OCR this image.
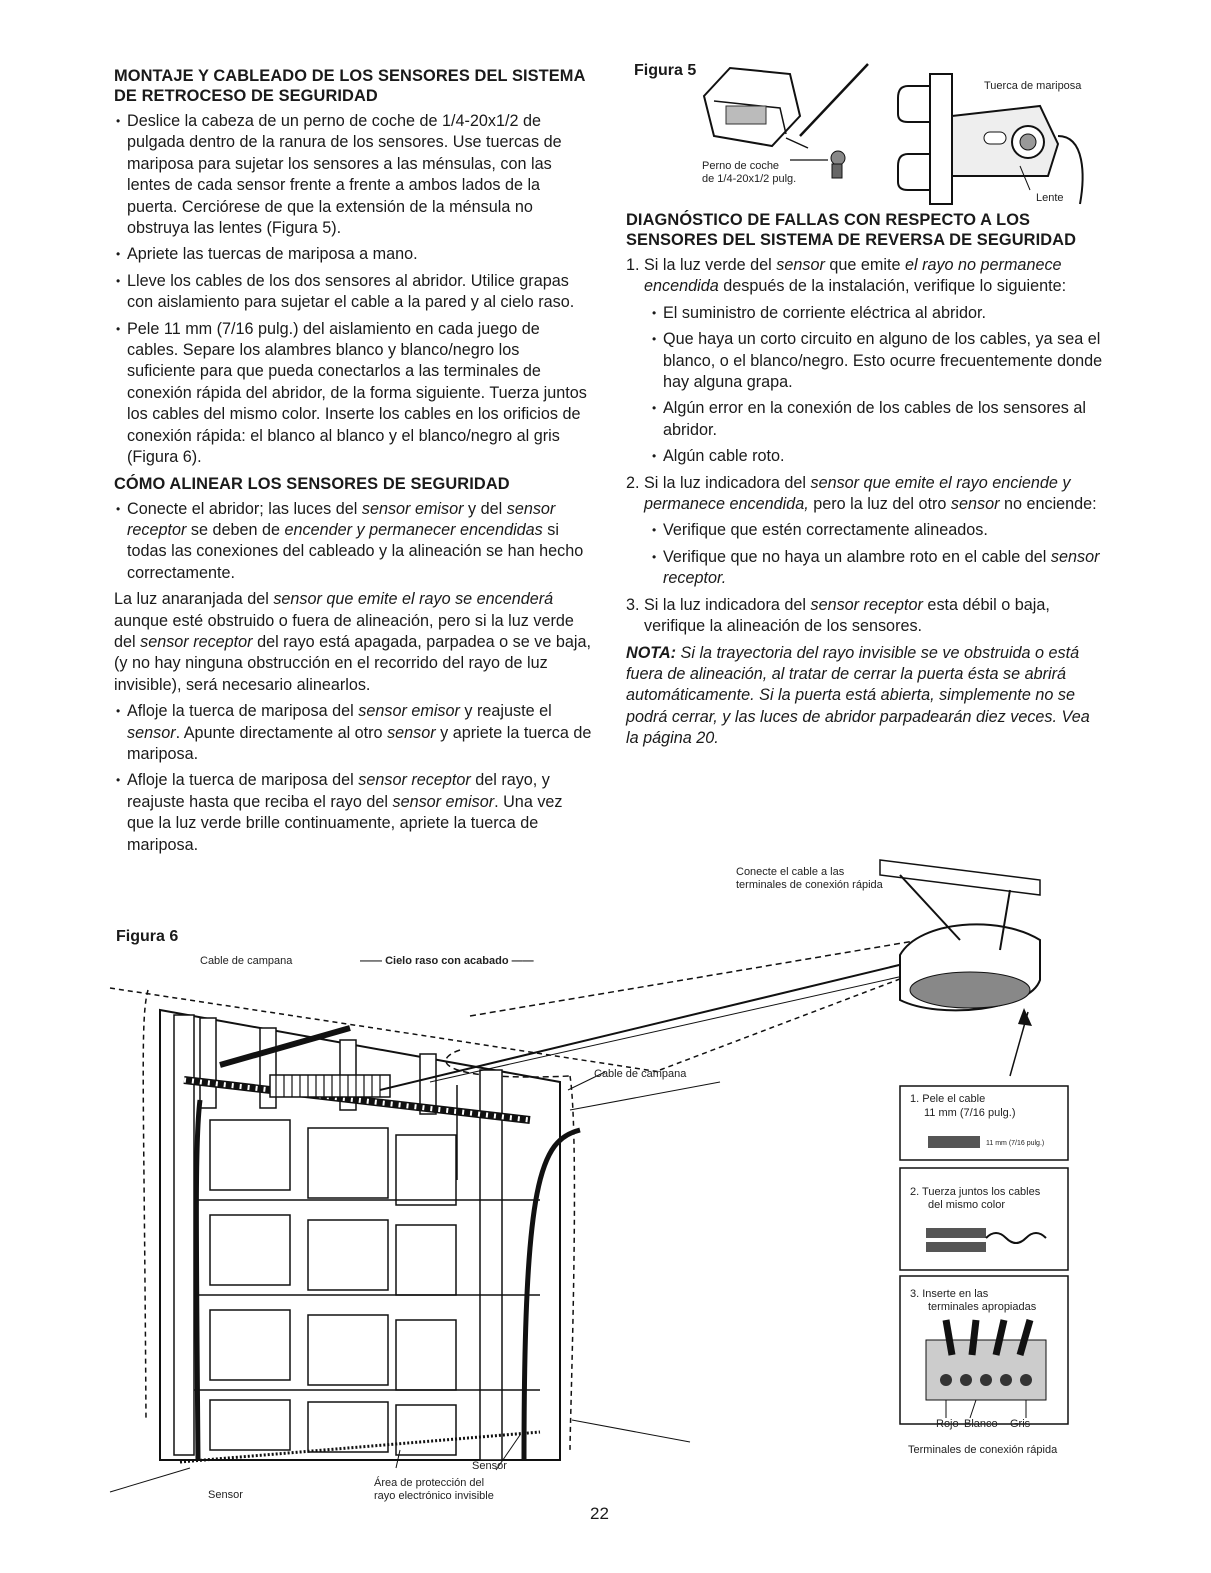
MONTAJE Y CABLEADO DE LOS SENSORES DEL SISTEMA DE RETROCESO DE SEGURIDAD
• Deslice la cabeza de un perno de coche de 1/4-20x1/2 de pulgada dentro de la ranura de los sensores. Use tuercas de mariposa para sujetar los sensores a las ménsulas, con las lentes de cada sensor frente a frente a ambos lados de la puerta. Cerciórese de que la extensión de la ménsula no obstruya las lentes (Figura 5).
• Apriete las tuercas de mariposa a mano.
• Lleve los cables de los dos sensores al abridor. Utilice grapas con aislamiento para sujetar el cable a la pared y al cielo raso.
• Pele 11 mm (7/16 pulg.) del aislamiento en cada juego de cables. Separe los alambres blanco y blanco/negro los suficiente para que pueda conectarlos a las terminales de conexión rápida del abridor, de la forma siguiente. Tuerza juntos los cables del mismo color. Inserte los cables en los orificios de conexión rápida: el blanco al blanco y el blanco/negro al gris (Figura 6).
CÓMO ALINEAR LOS SENSORES DE SEGURIDAD
• Conecte el abridor; las luces del sensor emisor y del sensor receptor se deben de encender y permanecer encendidas si todas las conexiones del cableado y la alineación se han hecho correctamente.

La luz anaranjada del sensor que emite el rayo se encenderá aunque esté obstruido o fuera de alineación, pero si la luz verde del sensor receptor del rayo está apagada, parpadea o se ve baja, (y no hay ninguna obstrucción en el recorrido del rayo de luz invisible), será necesario alinearlos.

• Afloje la tuerca de mariposa del sensor emisor y reajuste el sensor. Apunte directamente al otro sensor y apriete la tuerca de mariposa.
• Afloje la tuerca de mariposa del sensor receptor del rayo, y reajuste hasta que reciba el rayo del sensor emisor. Una vez que la luz verde brille continuamente, apriete la tuerca de mariposa.
DIAGNÓSTICO DE FALLAS CON RESPECTO A LOS SENSORES DEL SISTEMA DE REVERSA DE SEGURIDAD
1. Si la luz verde del sensor que emite el rayo no permanece encendida después de la instalación, verifique lo siguiente:
• El suministro de corriente eléctrica al abridor.
• Que haya un corto circuito en alguno de los cables, ya sea el blanco, o el blanco/negro. Esto ocurre frecuentemente donde hay alguna grapa.
• Algún error en la conexión de los cables de los sensores al abridor.
• Algún cable roto.
2. Si la luz indicadora del sensor que emite el rayo enciende y permanece encendida, pero la luz del otro sensor no enciende:
• Verifique que estén correctamente alineados.
• Verifique que no haya un alambre roto en el cable del sensor receptor.
3. Si la luz indicadora del sensor receptor esta débil o baja, verifique la alineación de los sensores.

NOTA: Si la trayectoria del rayo invisible se ve obstruida o está fuera de alineación, al tratar de cerrar la puerta ésta se abrirá automáticamente. Si la puerta está abierta, simplemente no se podrá cerrar, y las luces de abridor parpadearán diez veces. Vea la página 20.

Figura 5
Perno de coche
de 1/4-20x1/2 pulg.
Tuerca de mariposa
Lente
Figura 6
Cable de campana	—— Cielo raso con acabado ——
Cable de campana
Conecte el cable a las
terminales de conexión rápida
Área de protección del
rayo electrónico invisible
Sensor
Sensor
1. Pele el cable
11 mm (7/16 pulg.)
11 mm (7/16 pulg.)
2. Tuerza juntos los cables
del mismo color
3. Inserte en las
terminales apropiadas
Rojo Blanco Gris
Terminales de conexión rápida
22
